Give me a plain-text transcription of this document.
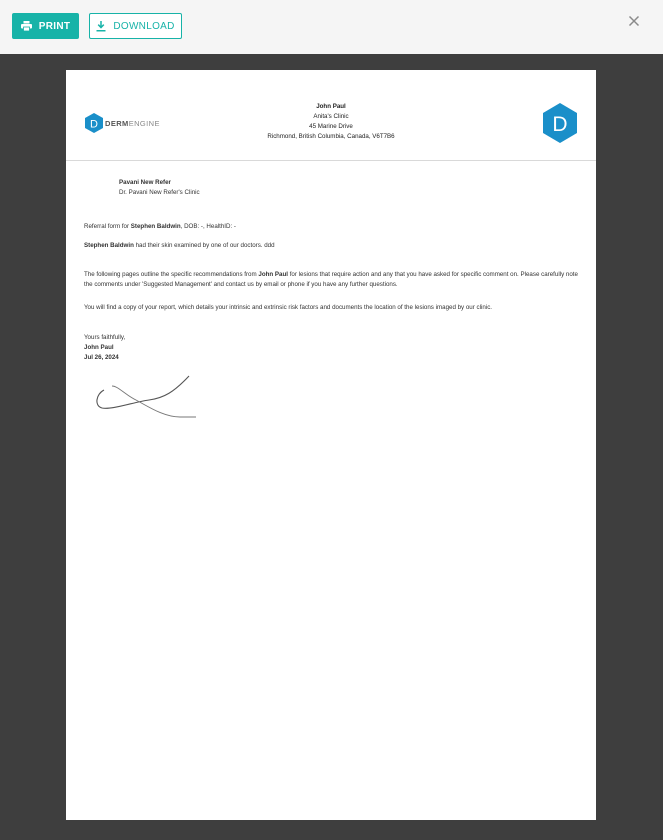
PRINT	DOWNLOAD
D DERMENGINE
John Paul
Anita's Clinic
45 Marine Drive
Richmond, British Columbia, Canada, V6T7B6
D
Pavani New Refer
Dr. Pavani New Refer's Clinic
Referral form for Stephen Baldwin, DOB: -, HealthID: -
Stephen Baldwin had their skin examined by one of our doctors. ddd
The following pages outline the specific recommendations from John Paul for lesions that require action and any that you have asked for specific comment on. Please carefully note the comments under 'Suggested Management' and contact us by email or phone if you have any further questions.
You will find a copy of your report, which details your intrinsic and extrinsic risk factors and documents the location of the lesions imaged by our clinic.
Yours faithfully,
John Paul
Jul 26, 2024
